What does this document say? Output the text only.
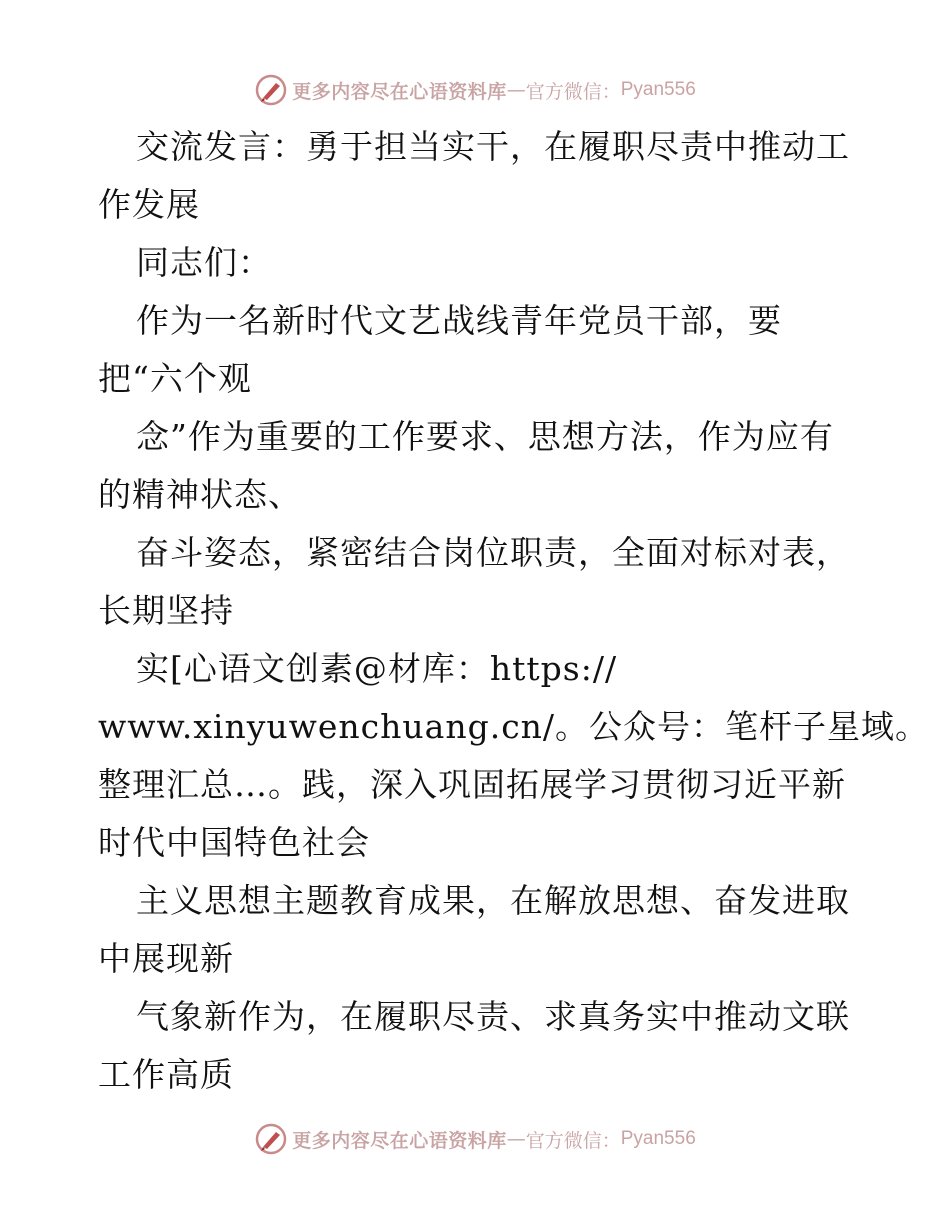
更多内容尽在心语资料库 — 官方微信： Pyan556
交流发言：勇于担当实干，在履职尽责中推动工
作发展
同志们：
作为一名新时代文艺战线青年党员干部，要
把“六个观
念”作为重要的工作要求、思想方法，作为应有
的精神状态、
奋斗姿态，紧密结合岗位职责，全面对标对表，
长期坚持
实[心语文创素@材库：https://
www.xinyuwenchuang.cn/。公众号：笔杆子星域。
整理汇总…。践，深入巩固拓展学习贯彻习近平新
时代中国特色社会
主义思想主题教育成果，在解放思想、奋发进取
中展现新
气象新作为，在履职尽责、求真务实中推动文联
工作高质
更多内容尽在心语资料库 — 官方微信： Pyan556
